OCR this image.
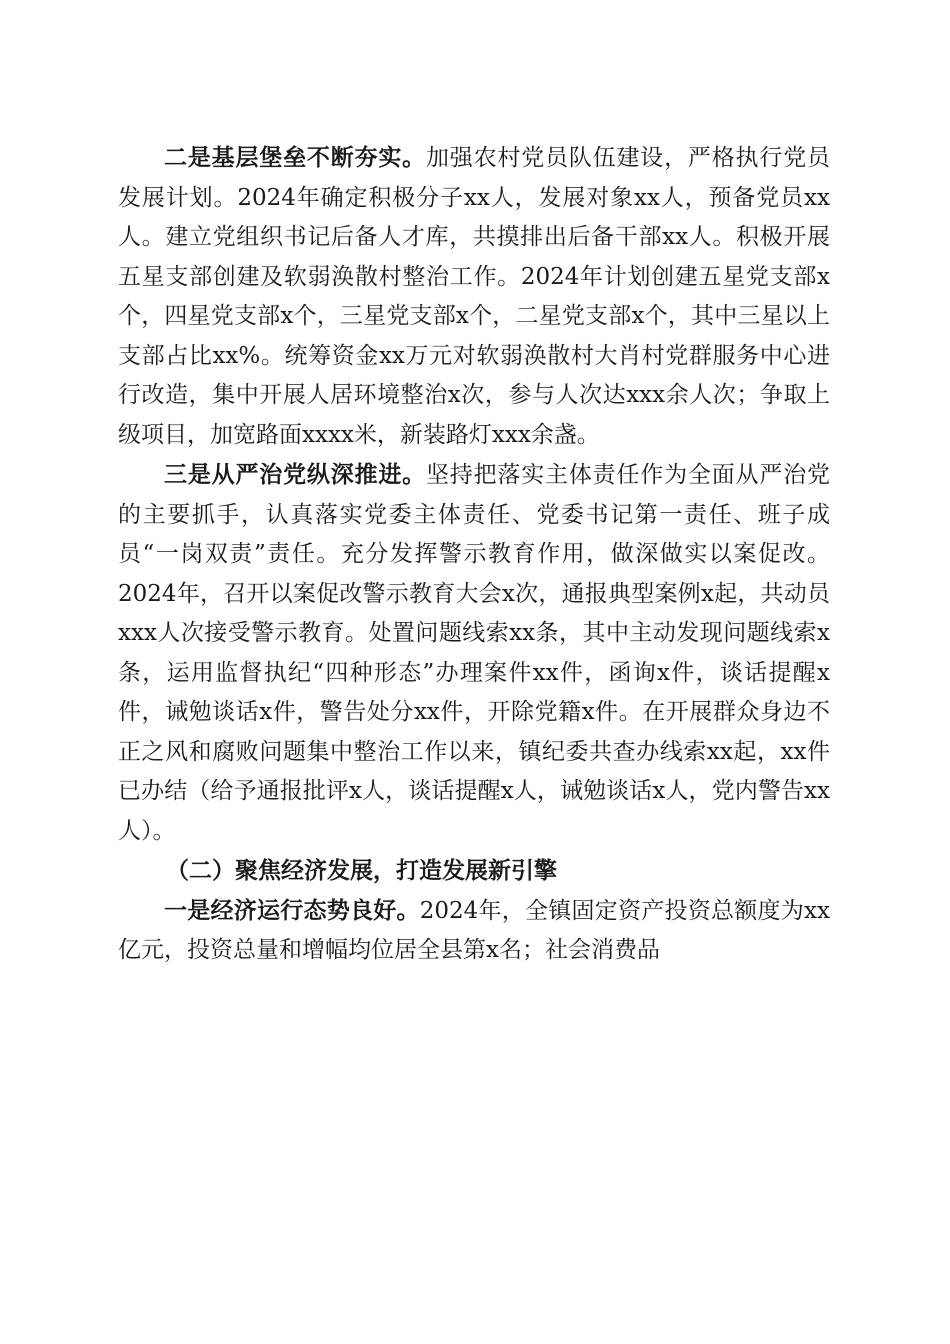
二是基层堡垒不断夯实。加强农村党员队伍建设，严格执行党员发展计划。2024年确定积极分子xx人，发展对象xx人，预备党员xx人。建立党组织书记后备人才库，共摸排出后备干部xx人。积极开展五星支部创建及软弱涣散村整治工作。2024年计划创建五星党支部x个，四星党支部x个，三星党支部x个，二星党支部x个，其中三星以上支部占比xx%。统筹资金xx万元对软弱涣散村大肖村党群服务中心进行改造，集中开展人居环境整治x次，参与人次达xxx余人次；争取上级项目，加宽路面xxxx米，新装路灯xxx余盏。

三是从严治党纵深推进。坚持把落实主体责任作为全面从严治党的主要抓手，认真落实党委主体责任、党委书记第一责任、班子成员“一岗双责”责任。充分发挥警示教育作用，做深做实以案促改。2024年，召开以案促改警示教育大会x次，通报典型案例x起，共动员xxx人次接受警示教育。处置问题线索xx条，其中主动发现问题线索x条，运用监督执纪“四种形态”办理案件xx件，函询x件，谈话提醒x件，诫勉谈话x件，警告处分xx件，开除党籍x件。在开展群众身边不正之风和腐败问题集中整治工作以来，镇纪委共查办线索xx起，xx件已办结（给予通报批评x人，谈话提醒x人，诫勉谈话x人，党内警告xx人）。

（二）聚焦经济发展，打造发展新引擎

一是经济运行态势良好。2024年，全镇固定资产投资总额度为xx亿元，投资总量和增幅均位居全县第x名；社会消费品
